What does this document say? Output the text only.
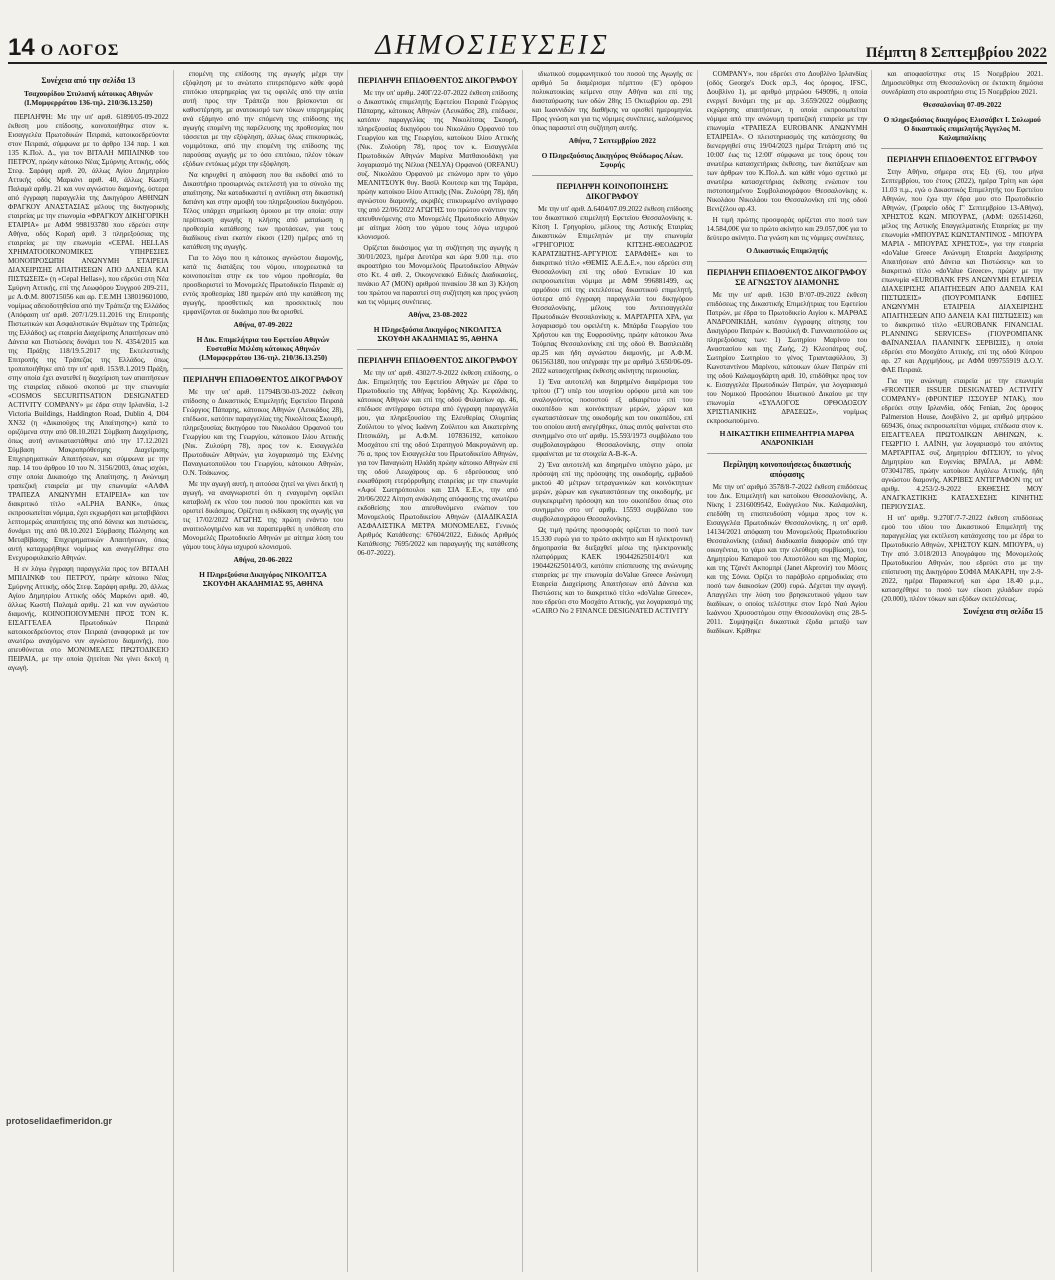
14 Ο ΛΟΓΟΣ	ΔΗΜΟΣΙΕΥΣΕΙΣ	Πέμπτη 8 Σεπτεμβρίου 2022
Συνέχεια από την σελίδα 13
Τσαχουρίδου Στυλιανή κάτοικος Αθηνών (Ι.Μομφερράτου 136-τηλ. 210/36.13.250)

ΠΕΡΙΛΗΨΗ: Με την υπ' αριθ. 6189Ι/05-09-2022 έκθεση μου επίδοσης, κοινοποιήθηκε στον κ. Εισαγγελέα Πρωτοδικών Πειραιά, κατοικοεδρεύοντα στον Πειραιά, σύμφωνα με το άρθρο 134 παρ. 1 και 135 Κ.Πολ. Δ., για τον ΒΙΤΑΛΗ ΜΠΙΛΙΝΚΦ του ΠΕΤΡΟΥ, πρώην κάτοικο Νέας Σμύρνης Αττικής, οδός Στεφ. Σαράφη αριθ. 20, άλλως Αγίου Δημητρίου Αττικής οδός Μαρκόνι αριθ. 40, άλλως Κωστή Παλαμά αριθμ. 21 και νυν αγνώστου διαμονής, ύστερα από έγγραφη παραγγελία της Δικηγόρου ΑΘΗΝΩΝ ΦΡΑΓΚΟΥ ΑΝΑΣΤΑΣΙΑΣ μέλους της δικηγορικής εταιρείας με την επωνυμία «ΦΡΑΓΚΟΥ ΔΙΚΗΓΟΡΙΚΗ ΕΤΑΙΡΙΑ» με ΑΦΜ 998193780 που εδρεύει στην Αθήνα, οδός Κοραή αριθ. 3 πληρεξούσιας της εταιρείας με την επωνυμία «CEPAL HELLAS ΧΡΗΜΑΤΟΟΙΚΟΝΟΜΙΚΕΣ ΥΠΗΡΕΣΙΕΣ ΜΟΝΟΠΡΟΣΩΠΗ ΑΝΩΝΥΜΗ ΕΤΑΙΡΕΙΑ ΔΙΑΧΕΙΡΙΣΗΣ ΑΠΑΙΤΗΣΕΩΝ ΑΠΟ ΔΑΝΕΙΑ ΚΑΙ ΠΙΣΤΩΣΕΙΣ» (η «Cepal Hellas»), που εδρεύει στη Νέα Σμύρνη Αττικής, επί της Λεωφόρου Συγγρού 209-211, με Α.Φ.Μ. 800715056 και αρ. Γ.Ε.ΜΗ 138019601000, νομίμως αδειοδοτηθείσα από την Τράπεζα της Ελλάδος (Απόφαση υπ' αριθ. 207/1/29.11.2016 της Επιτροπής Πιστωτικών και Ασφαλιστικών Θεμάτων της Τράπεζας της Ελλάδος) ως εταιρεία Διαχείρισης Απαιτήσεων από Δάνεια και Πιστώσεις δυνάμει του Ν. 4354/2015 και της Πράξης 118/19.5.2017 της Εκτελεστικής Επιτροπής της Τράπεζας της Ελλάδος, όπως τροποποιήθηκε από την υπ' αριθ. 153/8.1.2019 Πράξη, στην οποία έχει ανατεθεί η διαχείριση των απαιτήσεων της εταιρείας ειδικού σκοπού με την επωνυμία «COSMOS SECURITISATION DESIGNATED ACTIVITY COMPANY» με έδρα στην Ιρλανδία, 1-2 Victoria Buildings, Haddington Road, Dublin 4, D04 XN32 (η «Δικαιούχος της Απαίτησης») κατά το οριζόμενα στην από 08.10.2021 Σύμβαση Διαχείρισης, όπως αυτή αντικαταστάθηκε από την 17.12.2021 Σύμβαση Μακροπρόθεσμης Διαχείρισης Επιχειρηματικών Απαιτήσεων, και σύμφωνα με την παρ. 14 του άρθρου 10 του Ν. 3156/2003, όπως ισχύει, στην οποία Δικαιούχο της Απαίτησης, η Ανώνυμη τραπεζική εταιρεία με την επωνυμία «ΑΛΦΑ ΤΡΑΠΕΖΑ ΑΝΩΝΥΜΗ ΕΤΑΙΡΕΙΑ» και τον διακριτικό τίτλο «ALPHA BANK», όπως εκπροσωπείται νόμιμα, έχει εκχωρήσει και μεταβιβάσει λεπτομερώς απαιτήσεις της από δάνεια και πιστώσεις, δυνάμει της από 08.10.2021 Σύμβασης Πώλησης και Μεταβίβασης Επιχειρηματικών Απαιτήσεων, όπως αυτή καταχωρήθηκε νομίμως και αναγγέλθηκε στο Ενεχυροφυλακείο Αθηνών.

Η εν λόγω έγγραφη παραγγελία προς τον ΒΙΤΑΛΗ ΜΠΙΛΙΝΚΦ του ΠΕΤΡΟΥ, πρώην κάτοικο Νέας Σμύρνης Αττικής, οδός Στεφ. Σαράφη αριθμ. 20, άλλως Αγίου Δημητρίου Αττικής οδός Μαρκόνι αριθ. 40, άλλως Κωστή Παλαμά αριθμ. 21 και νυν αγνώστου διαμονής, ΚΟΙΝΟΠΟΙΟΥΜΕΝΗ ΠΡΟΣ ΤΟΝ Κ. ΕΙΣΑΓΓΕΛΕΑ Πρωτοδικών Πειραιά κατοικοεδρεύοντος στον Πειραιά (αναφορικά με τον ανωτέρω αναγόμενο νυν αγνώστου διαμονής), που απευθύνεται στο ΜΟΝΟΜΕΛΕΣ ΠΡΩΤΟΔΙΚΕΙΟ ΠΕΙΡΑΙΑ, με την οποία ζητείται Να γίνει δεκτή η αγωγή.

επομένη της επίδοσης της αγωγής μέχρι την εξόφληση με το ανώτατο επιτρεπόμενο κάθε φορά επιτόκιο υπερημερίας για τις οφειλές από την αιτία αυτή προς την Τράπεζα που βρίσκονται σε καθυστέρηση, με ανατοκισμό των τόκων υπερημερίας ανά εξάμηνο από την επόμενη της επίδοσης της αγωγής επομένη της παρέλευσης της προθεσμίας που τάσσεται με την εξόφληση, άλλως όλως επικουρικώς, νομιμότοκα, από την επομένη της επίδοσης της παρούσας αγωγής με το όσο επιτόκιο, πλέον τόκων εξόδων εντόκως μέχρι την εξόφληση.

Να κηρυχθεί η απόφαση που θα εκδοθεί από το Δικαστήριο προσωρινώς εκτελεστή για το σύνολο της απαίτησης. Να καταδικαστεί η αντίδικη στη δικαστική δαπάνη και στην αμοιβή του πληρεξουσίου δικηγόρου. Τέλος υπάρχει σημείωση όμοιου με την οποία: στην περίπτωση αγωγής η κλήσης από ματαίωση η προθεσμία κατάθεσης των προτάσεων, για τους διαδίκους είναι εκατόν είκοσι (120) ημέρες από τη κατάθεση της αγωγής.

Για το λόγο που η κάτοικος αγνώστου διαμονής, κατά τις διατάξεις του νόμου, υποχρεωτικά τα κοινοποιείται στην εκ του νόμου προθεσμία, θα προσδιοριστεί το Μονομελές Πρωτοδικείο Πειραιά: α) εντός προθεσμίας 180 ημερών από την κατάθεση της αγωγής, προσθετικές και προσεκτικές που εμφανίζονται σε δικάσιμο που θα ορισθεί.

Αθήνα, 07-09-2022
Η Δικ. Επιμελήτρια του Εφετείου Αθηνών Ευσταθία Μιλέση κάτοικος Αθηνών (Ι.Μομφερράτου 136-τηλ. 210/36.13.250)
ΠΕΡΙΛΗΨΗ ΕΠΙΔΟΘΕΝΤΟΣ ΔΙΚΟΓΡΑΦΟΥ

Με την υπ' αριθ. 11794Β/30-03-2022 έκθεση επίδοσης ο Δικαστικός Επιμελητής Εφετείου Πειραιά Γεώργιος Πάπαρης, κάτοικος Αθηνών (Λευκάδος 28), επέδωσε, κατόπιν παραγγελίας της Νικολίτσας Σκουρή, πληρεξουσίας δικηγόρου του Νικολάου Ορφανού του Γεωργίου και της Γεωργίου, κάτοικου Ιλίου Αττικής (Νικ. Ζυλούρη 78), προς τον κ. Εισαγγελέα Πρωτοδικών Αθηνών, για λογαριασμό της Ελένης Παναγιωτοπούλου του Γεωργίου, κάτοικου Αθηνών, Ο.Ν. Τσάκωνος.

Με την αγωγή αυτή, η αιτούσα ζητεί να γίνει δεκτή η αγωγή, να αναγνωριστεί ότι η εναγομένη οφείλει καταβολή εκ νέου του ποσού που προκύπτει και να οριστεί δικάσιμος. Ορίζεται η εκδίκαση της αγωγής για τις 17/02/2022 ΑΓΩΓΗΣ της πρώτη ενάντιο του αναιτιολογημένο και να παραπεμφθεί η υπόθεση στο Μονομελές Πρωτοδικείο Αθηνών με αίτημα λύση του γάμου τους λόγω ισχυρού κλονισμού.

Αθήνα, 20-06-2022
Η Πληρεξούσια Δικηγόρος ΝΙΚΟΛΙΤΣΑ ΣΚΟΥΦΗ ΑΚΑΔΗΜΙΑΣ 95, ΑΘΗΝΑ
ΠΕΡΙΛΗΨΗ ΕΠΙΔΟΘΕΝΤΟΣ ΔΙΚΟΓΡΑΦΟΥ

Με την υπ' αριθμ. 240Γ/22-07-2022 έκθεση επίδοσης ο Δικαστικός επιμελητής Εφετείου Πειραιά Γεώργιος Πάπαρης, κάτοικος Αθηνών (Λευκάδος 28), επέδωσε, κατόπιν παραγγελίας της Νικολίτσας Σκουρή, πληρεξουσίας δικηγόρου του Νικολάου Ορφανού του Γεωργίου και της Γεωργίου, κατοίκου Ιλίου Αττικής (Νικ. Ζυλούρη 78), προς τον κ. Εισαγγελέα Πρωτοδικών Αθηνών Μαρίνα Ματθαιουδάκη για λογαριασμό της Νέλυα (NELYA) Ορφανού (ORFANU) συζ. Νικολάου Ορφανού με επώνυμο πριν το γάμο ΜΕΛΝΙΤΣΟΥΚ θυγ. Βασίλ Κουτσερ και της Ταμάρα, πρώην κατοίκου Ιλίου Αττικής (Νικ. Ζυλούρη 78), ήδη αγνώστου διαμονής, ακριβές επικυρωμένο αντίγραφο της από 22/06/2022 ΑΓΩΓΗΣ του πρώτου ενάντιον της απευθυνόμενης στο Μονομελές Πρωτοδικείο Αθηνών με αίτημα λύση του γάμου τους λόγω ισχυρού κλονισμού.

Ορίζεται δικάσιμος για τη συζήτηση της αγωγής η 30/01/2023, ημέρα Δευτέρα και ώρα 9.00 π.μ. στο ακροατήριο του Μονομελούς Πρωτοδικείου Αθηνών στο Κτ. 4 αιθ. 2, Οικογενειακό Ειδικές Διαδικασίες, πινάκιο Α7 (ΜΟΝ) αριθμού πινακίου 38 και 3) Κλήση του πρώτου να παραστεί στη συζήτηση και προς γνώση και τις νόμιμες συνέπειες.

Αθήνα, 23-08-2022
Η Πληρεξούσια Δικηγόρος ΝΙΚΟΛΙΤΣΑ ΣΚΟΥΦΗ ΑΚΑΔΗΜΙΑΣ 95, ΑΘΗΝΑ
ΠΕΡΙΛΗΨΗ ΕΠΙΔΟΘΕΝΤΟΣ ΔΙΚΟΓΡΑΦΟΥ

Με την υπ' αριθ. 4302/7-9-2022 έκθεση επίδοσης, ο Δικ. Επιμελητής του Εφετείου Αθηνών με έδρα το Πρωτοδικείο της Αθήνας Ιορδάνης Χρ. Κεφαλάκης, κάτοικος Αθηνών και επί της οδού Φυλασίων αρ. 46, επέδωσε αντίγραφο ύστερα από έγγραφη παραγγελία μου, για πληρεξουσίου της Ελευθερίας Ολυμπίας Ζούλιτου το γένος Ιωάννη Ζούλιτου και Αικατερίνης Πιτσικάλη, με Α.Φ.Μ. 107836192, κατοίκου Μοσχάτου επί της οδού Στρατηγού Μακρυγιάννη αρ. 76 α, προς τον Εισαγγελέα του Πρωτοδικείου Αθηνών, για τον Παναγιώτη Ηλιάδη πρώην κάτοικο Αθηνών επί της οδού Λεωχάρους αρ. 6 εδρεύουσας υπό εκκαθάριση ετερόρρυθμης εταιρείας με την επωνυμία «Αφοί Σωτηρόπουλοι και ΣΙΑ Ε.Ε.», την από 20/06/2022 Αίτηση ανάκλησης απόφασης της ανωτέρω εκδοθείσης που απευθυνόμενο ενώπιον του Μονομελούς Πρωτοδικείου Αθηνών (ΔΙΑΔΙΚΑΣΙΑ ΑΣΦΑΛΙΣΤΙΚΑ ΜΕΤΡΑ ΜΟΝΟΜΕΛΕΣ, Γενικός Αριθμός Κατάθεσης: 67604/2022, Ειδικός Αριθμός Κατάθεσης: 7695/2022 και παραγωγής της κατάθεσης 06-07-2022).

ιδιωτικού συμφωνητικού του ποσού της Αγωγής σε αριθμό 5α διαμέρισμα πέμπτου (Ε') ορόφου πολυκατοικίας κείμενο στην Αθήνα και επί της διασταύρωσης των οδών 28ης 15 Οκτωβρίου αρ. 291 και Ιωαννιδών της διαθήκης να ορισθεί ημερομηνία. Προς γνώση και για τις νόμιμες συνέπειες, καλούμενος όπως παραστεί στη συζήτηση αυτής.

Αθήνα, 7 Σεπτεμβρίου 2022
Ο Πληρεξούσιος Δικηγόρος Θεόδωρος Λέων. Σφυρής
ΠΕΡΙΛΗΨΗ ΚΟΙΝΟΠΟΙΗΣΗΣ ΔΙΚΟΓΡΑΦΟΥ

Με την υπ' αριθ. Δ.6404/07.09.2022 έκθεση επίδοσης του δικαστικού επιμελητή Εφετείου Θεσσαλονίκης κ. Κίτση Ι. Γρηγορίου, μέλους της Αστικής Εταιρίας Δικαστικών Επιμελητών με την επωνυμία «ΓΡΗΓΟΡΙΟΣ ΚΙΤΣΗΣ-ΘΕΟΔΩΡΟΣ ΚΑΡΑΤΖΙΩΤΗΣ-ΑΡΓΥΡΙΟΣ ΣΑΡΑΦΗΣ» και το διακριτικό τίτλο «ΘΕΜΙΣ Α.Ε.Δ.Ε.», που εδρεύει στη Θεσσαλονίκη επί της οδού Εντικίων 10 και εκπροσωπείται νόμιμα με ΑΦΜ 996881499, ως αρμόδιου επί της εκτελέσεως δικαστικού επιμελητή, ύστερα από έγγραφη παραγγελία του δικηγόρου Θεσσαλονίκης, μέλους του Αντεισαγγελέα Πρωτοδικών Θεσσαλονίκης κ. ΜΑΡΓΑΡΙΤΑ ΧΡΑ, για λογαριασμό του οφειλέτη κ. Μπάρδα Γεωργίου του Χρήστου και της Ευφροσύνης, πρώην κάτοικου Άνω Τούμπας Θεσσαλονίκης επί της οδού Θ. Βασιλειάδη αρ.25 και ήδη αγνώστου διαμονής, με Α.Φ.Μ. 061563180, που υπέγραψε την με αριθμό 3.650/06-09-2022 κατασχετήριας έκθεσης ακίνητης περιουσίας.

1) Ένα αυτοτελή και διηρημένο διαμέρισμα του τρίτου (Γ') υπέρ του ισογείου ορόφου μετά και του αναλογούντος ποσοστού εξ αδιαιρέτου επί του οικοπέδου και κοινόκτητων μερών, χώρων και εγκαταστάσεων της οικοδομής και του οικοπέδου, επί του οποίου αυτή ανεγέρθηκε, όπως αυτός φαίνεται στο συνημμένο στο υπ' αριθμ. 15.593/1973 συμβόλαιο του συμβολαιογράφου Θεσσαλονίκης, στην οποία εμφαίνεται με τα στοιχεία Α-Β-Κ-Α.

2) Ένα αυτοτελή και διηρημένο υπόγειο χώρο, με πρόσοψη επί της πρόσοψης της οικοδομής, εμβαδού μικτού 40 μέτρων τετραγωνικών και κοινόκτητων μερών, χώρων και εγκαταστάσεων της οικοδομής, με συγκεκριμένη πρόσοψη και του οικοπέδου όπως στο συνημμένο στο υπ' αριθμ. 15593 συμβόλαιο του συμβολαιογράφου Θεσσαλονίκης.

Ως τιμή πρώτης προσφοράς ορίζεται το ποσό των 15.330 ευρώ για το πρώτο ακίνητο και Η ηλεκτρονική δημοπρασία θα διεξαχθεί μέσω της ηλεκτρονικής πλατφόρμας ΚΑΕΚ 190442625014/0/1 και 190442625014/0/3, κατόπιν επίσπευσης της ανώνυμης εταιρείας με την επωνυμία doValue Greece Ανώνυμη Εταιρεία Διαχείρισης Απαιτήσεων από Δάνεια και Πιστώσεις και το διακριτικό τίτλο «doValue Greece», που εδρεύει στο Μοσχάτο Αττικής, για λογαριασμό της «CAIRO No 2 FINANCE DESIGNATED ACTIVITY

COMPANY», που εδρεύει στο Δουβλίνο Ιρλανδίας (οδός George's Dock αρ.3, 4ος όροφος, IFSC, Δουβλίνο 1), με αριθμό μητρώου 649096, η οποία ενεργεί δυνάμει της με αρ. 3.659/2022 σύμβασης εκχώρησης απαιτήσεων, η οποία εκπροσωπείται νόμιμα από την ανώνυμη τραπεζική εταιρεία με την επωνυμία «ΤΡΑΠΕΖΑ EUROBANK ΑΝΩΝΥΜΗ ΕΤΑΙΡΕΙΑ». Ο πλειστηριασμός της κατάσχεσης θα διενεργηθεί στις 19/04/2023 ημέρα Τετάρτη από τις 10:00' έως τις 12:00' σύμφωνα με τους όρους του ανωτέρω κατασχετήριας έκθεσης, των διατάξεων και των άρθρων του Κ.Πολ.Δ. και κάθε νόμο σχετικό με ανωτέρω κατασχετήριας έκθεσης ενώπιον του πιστοποιημένου Συμβολαιογράφου Θεσσαλονίκης κ. Νικολάου Νικολάου του Θεσσαλονίκη επί της οδού Βενιζέλου αρ.43.

Η τιμή πρώτης προσφοράς ορίζεται στο ποσό των 14.584,00€ για το πρώτο ακίνητο και 29.057,00€ για το δεύτερο ακίνητο. Για γνώση και τις νόμιμες συνέπειες.

Ο Δικαστικός Επιμελητής
ΠΕΡΙΛΗΨΗ ΕΠΙΔΟΘΕΝΤΟΣ ΔΙΚΟΓΡΑΦΟΥ ΣΕ ΑΓΝΩΣΤΟΥ ΔΙΑΜΟΝΗΣ

Με την υπ' αριθ. 1630 Β'/07-09-2022 έκθεση επιδόσεως της Δικαστικής Επιμελήτριας του Εφετείου Πατρών, με έδρα το Πρωτοδικείο Αιγίου κ. ΜΑΡΘΑΣ ΑΝΔΡΟΝΙΚΙΔΗ, κατόπιν έγγραφης αίτησης του Δικηγόρου Πατρών κ. Βασιλική Φ. Γιανναιοπούλου ως πληρεξούσιας των: 1) Σωτηρίου Μαρίνου του Αναστασίου και της Ζωής, 2) Κλεοπάτρας συζ. Σωτηρίου Σωτηρίου το γένος Τριανταφύλλου, 3) Κωνσταντίνου Μαρίνου, κάτοικων όλων Πατρών επί της οδού Καλαμογδάρτη αριθ. 10, επιδόθηκε προς τον κ. Εισαγγελέα Πρωτοδικών Πατρών, για λογαριασμό του Νομικού Προσώπου Ιδιωτικού Δικαίου με την επωνυμία «ΣΥΛΛΟΓΟΣ ΟΡΘΟΔΟΞΟΥ ΧΡΙΣΤΙΑΝΙΚΗΣ ΔΡΑΣΕΩΣ», νομίμως εκπροσωπούμενο.

Η ΔΙΚΑΣΤΙΚΗ ΕΠΙΜΕΛΗΤΡΙΑ ΜΑΡΘΑ ΑΝΔΡΟΝΙΚΙΔΗ
Περίληψη κοινοποιήσεως δικαστικής απόφασης

Με την υπ' αριθμό 3578/8-7-2022 έκθεση επιδόσεως του Δικ. Επιμελητή και κατοίκου Θεσσαλονίκης, Α. Νίκης 1 2316009542, Ευάγγελου Νικ. Καλαμαλίκη, επεδόθη τη επισπευδούση νόμιμα προς τον κ. Εισαγγελέα Πρωτοδικών Θεσσαλονίκης, η υπ' αριθ. 14134/2021 απόφαση του Μονομελούς Πρωτοδικείου Θεσσαλονίκης (ειδική διαδικασία διαφορών από την οικογένεια, το γάμο και την ελεύθερη συμβίωση), του Δημητρίου Καπαρού του Αποστόλου και της Μαρίας, και της Τζανέτ Ακπομπρί (Janet Akprovir) του Μόσες και της Σόνια. Ορίζει το παράβολο ερημοδικίας στο ποσό των διακοσίων (200) ευρώ. Δέχεται την αγωγή. Απαγγέλει την λύση του βρησκευτικού γάμου των διαδίκων, ο οποίος τελέστηκε στον Ιερό Ναό Αγίου Ιωάννου Χρυσοστόμου στην Θεσσαλονίκη στις 28-5-2011. Συμψηφίζει δικαστικά έξοδα μεταξύ των διαδίκων. Κρίθηκε

και αποφασίστηκε στις 15 Νοεμβρίου 2021. Δημοσιεύθηκε στη Θεσσαλονίκη σε έκτακτη δημόσια συνεδρίαση στο ακροατήριο στις 15 Νοεμβρίου 2021.

Θεσσαλονίκη 07-09-2022
Ο πληρεξούσιος δικηγόρος Ελισσάβετ Ι. Σολωμού Ο δικαστικός επιμελητής Άγγελος Μ. Καλαμπαλίκης
ΠΕΡΙΛΗΨΗ ΕΠΙΔΟΘΕΝΤΟΣ ΕΓΓΡΑΦΟΥ

Στην Αθήνα, σήμερα στις Εξι (6), του μήνα Σεπτεμβρίου, του έτους (2022), ημέρα Τρίτη και ώρα 11.03 π.μ., εγώ ο Δικαστικός Επιμελητής του Εφετείου Αθηνών, που έχω την έδρα μου στο Πρωτοδικείο Αθηνών, (Γραφείο οδός Γ' Σεπτεμβρίου 13-Αθήνα), ΧΡΗΣΤΟΣ ΚΩΝ. ΜΠΟΥΡΑΣ, (ΑΦΜ: 026514260, μέλος της Αστικής Επαγγελματικής Εταιρείας με την επωνυμία «ΜΠΟΥΡΑΣ ΚΩΝΣΤΑΝΤΙΝΟΣ - ΜΠΟΥΡΑ ΜΑΡΙΑ - ΜΠΟΥΡΑΣ ΧΡΗΣΤΟΣ», για την εταιρεία «doValue Greece Ανώνυμη Εταιρεία Διαχείρισης Απαιτήσεων από Δάνεια και Πιστώσεις» και το διακριτικό τίτλο «doValue Greece», πρώην με την επωνυμία «EUROBANK FPS ΑΝΩΝΥΜΗ ΕΤΑΙΡΕΙΑ ΔΙΑΧΕΙΡΙΣΗΣ ΑΠΑΙΤΗΣΕΩΝ ΑΠΟ ΔΑΝΕΙΑ ΚΑΙ ΠΙΣΤΩΣΕΙΣ» (ΠΟΥΡΟΜΠΑΝΚ ΕΦΠΙΕΣ ΑΝΩΝΥΜΗ ΕΤΑΙΡΕΙΑ ΔΙΑΧΕΙΡΙΣΗΣ ΑΠΑΙΤΗΣΕΩΝ ΑΠΟ ΔΑΝΕΙΑ ΚΑΙ ΠΙΣΤΩΣΕΙΣ) και το διακριτικό τίτλο «EUROBANK FINANCIAL PLANNING SERVICES» (ΓΙΟΥΡΟΜΠΑΝΚ ΦΑΪΝΑΝΣΙΑΛ ΠΛΑΝΙΝΓΚ ΣΕΡΒΙΣΙΣ), η οποία εδρεύει στο Μοσχάτο Αττικής, επί της οδού Κύπρου αρ. 27 και Αρχιμήδους, με ΑΦΜ 099755919 Δ.Ο.Υ. ΦΑΕ Πειραιά.

Για την ανώνυμη εταιρεία με την επωνυμία «FRONTIER ISSUER DESIGNATED ACTIVITY COMPANY» (ΦΡΟΝΤΙΕΡ ΙΣΣΟΥΕΡ ΝΤΑΚ), που εδρεύει στην Ιρλανδία, οδός Fenian, 2ος όροφος Palmerston House, Δουβλίνο 2, με αριθμό μητρώου 669436, όπως εκπροσωπείται νόμιμα, επέδωσα στον κ. ΕΙΣΑΓΓΕΛΕΑ ΠΡΩΤΟΔΙΚΩΝ ΑΘΗΝΩΝ, κ. ΓΕΩΡΓΙΟ Ι. ΛΑΪΝΗ, για λογαριασμό του απόντος ΜΑΡΓΑΡΙΤΑΣ συζ. Δημητρίου ΦΙΤΣΙΟΥ, το γένος Δημητρίου και Ευγενίας ΒΡΑΪΛΑ, με ΑΦΜ: 073041785, πρώην κατοίκου Αιγάλεω Αττικής, ήδη αγνώστου διαμονής, ΑΚΡΙΒΕΣ ΑΝΤΙΓΡΑΦΟΝ της υπ' αριθμ. 4.253/2-9-2022 ΕΚΘΕΣΗΣ ΜΟΥ ΑΝΑΓΚΑΣΤΙΚΗΣ ΚΑΤΑΣΧΕΣΗΣ ΚΙΝΗΤΗΣ ΠΕΡΙΟΥΣΙΑΣ.

Η υπ' αριθμ. 9.270Γ/7-7-2022 έκθεση επιδόσεως εμού του ιδίου του Δικαστικού Επιμελητή της παραγγελίας για εκτέλεση κατάσχεσης του με έδρα το Πρωτοδικείο Αθηνών, ΧΡΗΣΤΟΥ ΚΩΝ. ΜΠΟΥΡΑ, υ) Την από 3.018/2013 Απογράφου της Μονομελούς Πρωτοδικείου Αθηνών, που εδρεύει στο με την επίσπευση της Δικηγόρου ΣΟΦΙΑ ΜΑΚΑΡΗ, την 2-9-2022, ημέρα Παρασκευή και ώρα 18.40 μ.μ., κατασχέθηκε το ποσό των είκοσι χιλιάδων ευρώ (20.000), πλέον τόκων και εξόδων εκτελέσεως.

Συνέχεια στη σελίδα 15
protoselidaefimeridon.gr
